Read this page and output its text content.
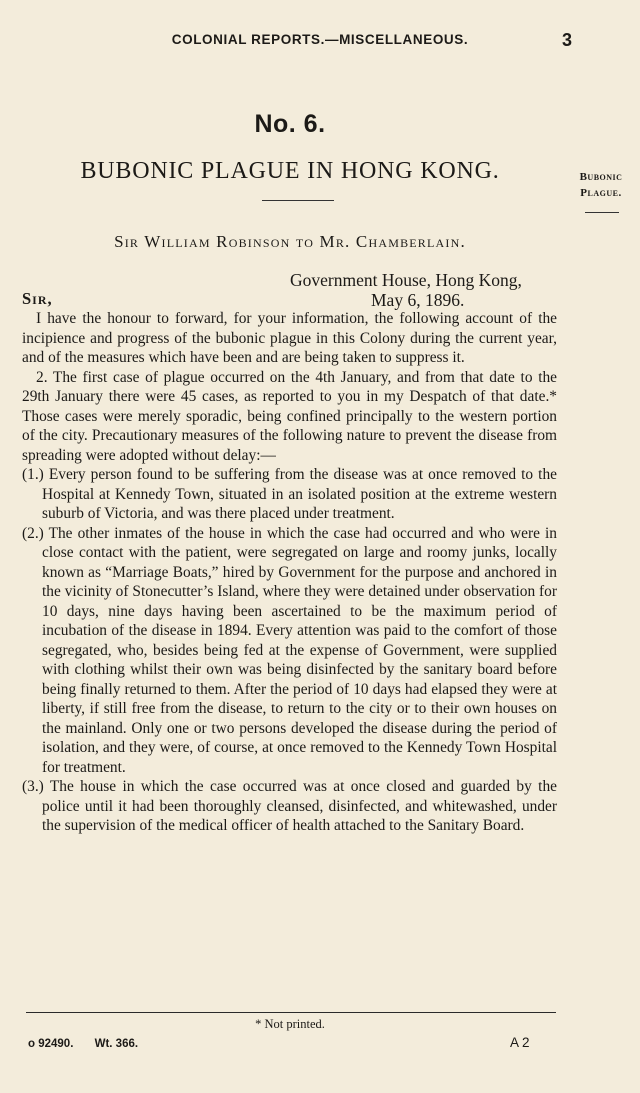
COLONIAL REPORTS.—MISCELLANEOUS.	3
No. 6.
BUBONIC PLAGUE IN HONG KONG.	Bubonic
Plague.
Sir William Robinson to Mr. Chamberlain.
Government House, Hong Kong,
May 6, 1896.
Sir,

I have the honour to forward, for your information, the following account of the incipience and progress of the bubonic plague in this Colony during the current year, and of the measures which have been and are being taken to suppress it.

2. The first case of plague occurred on the 4th January, and from that date to the 29th January there were 45 cases, as reported to you in my Despatch of that date.* Those cases were merely sporadic, being confined principally to the western portion of the city. Precautionary measures of the following nature to prevent the disease from spreading were adopted without delay:—

(1.) Every person found to be suffering from the disease was at once removed to the Hospital at Kennedy Town, situated in an isolated position at the extreme western suburb of Victoria, and was there placed under treatment.

(2.) The other inmates of the house in which the case had occurred and who were in close contact with the patient, were segregated on large and roomy junks, locally known as “Marriage Boats,” hired by Government for the purpose and anchored in the vicinity of Stonecutter’s Island, where they were detained under observation for 10 days, nine days having been ascertained to be the maximum period of incubation of the disease in 1894. Every attention was paid to the comfort of those segregated, who, besides being fed at the expense of Government, were supplied with clothing whilst their own was being disinfected by the sanitary board before being finally returned to them. After the period of 10 days had elapsed they were at liberty, if still free from the disease, to return to the city or to their own houses on the mainland. Only one or two persons developed the disease during the period of isolation, and they were, of course, at once removed to the Kennedy Town Hospital for treatment.

(3.) The house in which the case occurred was at once closed and guarded by the police until it had been thoroughly cleansed, disinfected, and whitewashed, under the supervision of the medical officer of health attached to the Sanitary Board.

* Not printed.
o 92490. Wt. 366.	A 2
